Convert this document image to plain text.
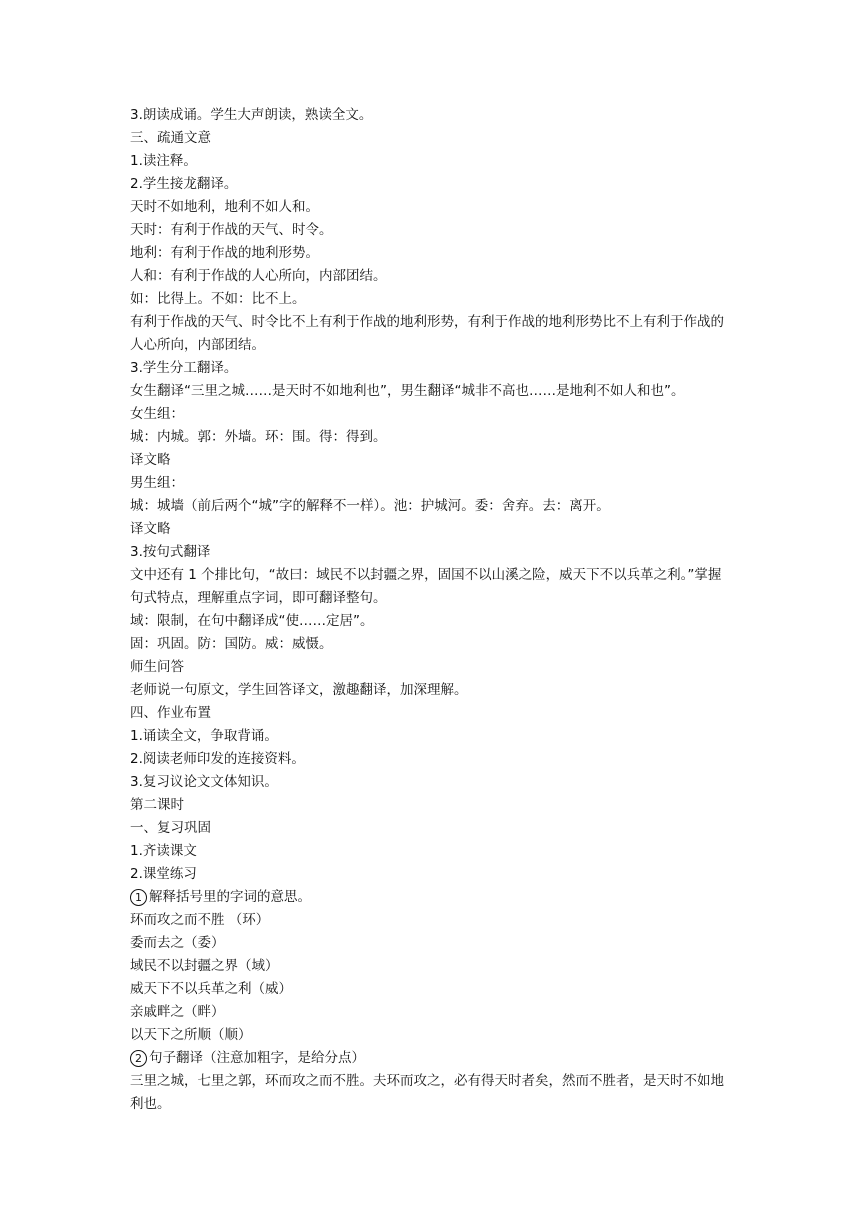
3.朗读成诵。学生大声朗读，熟读全文。
三、疏通文意
1.读注释。
2.学生接龙翻译。
天时不如地利，地利不如人和。
天时：有利于作战的天气、时令。
地利：有利于作战的地利形势。
人和：有利于作战的人心所向，内部团结。
如：比得上。不如：比不上。
有利于作战的天气、时令比不上有利于作战的地利形势，有利于作战的地利形势比不上有利于作战的人心所向，内部团结。
3.学生分工翻译。
女生翻译“三里之城……是天时不如地利也”，男生翻译“城非不高也……是地利不如人和也”。
女生组：
城：内城。郭：外墙。环：围。得：得到。
译文略
男生组：
城：城墙（前后两个“城”字的解释不一样）。池：护城河。委：舍弃。去：离开。
译文略
3.按句式翻译
文中还有 1 个排比句，“故曰：域民不以封疆之界，固国不以山溪之险，威天下不以兵革之利。”掌握句式特点，理解重点字词，即可翻译整句。
域：限制，在句中翻译成“使……定居”。
固：巩固。防：国防。威：威慑。
师生问答
老师说一句原文，学生回答译文，激趣翻译，加深理解。
四、作业布置
1.诵读全文，争取背诵。
2.阅读老师印发的连接资料。
3.复习议论文文体知识。
第二课时
一、复习巩固
1.齐读课文
2.课堂练习
1 解释括号里的字词的意思。
环而攻之而不胜 （环）
委而去之（委）
域民不以封疆之界（域）
威天下不以兵革之利（威）
亲戚畔之（畔）
以天下之所顺（顺）
2 句子翻译（注意加粗字，是给分点）
三里之城，七里之郭，环而攻之而不胜。夫环而攻之，必有得天时者矣，然而不胜者，是天时不如地利也。
